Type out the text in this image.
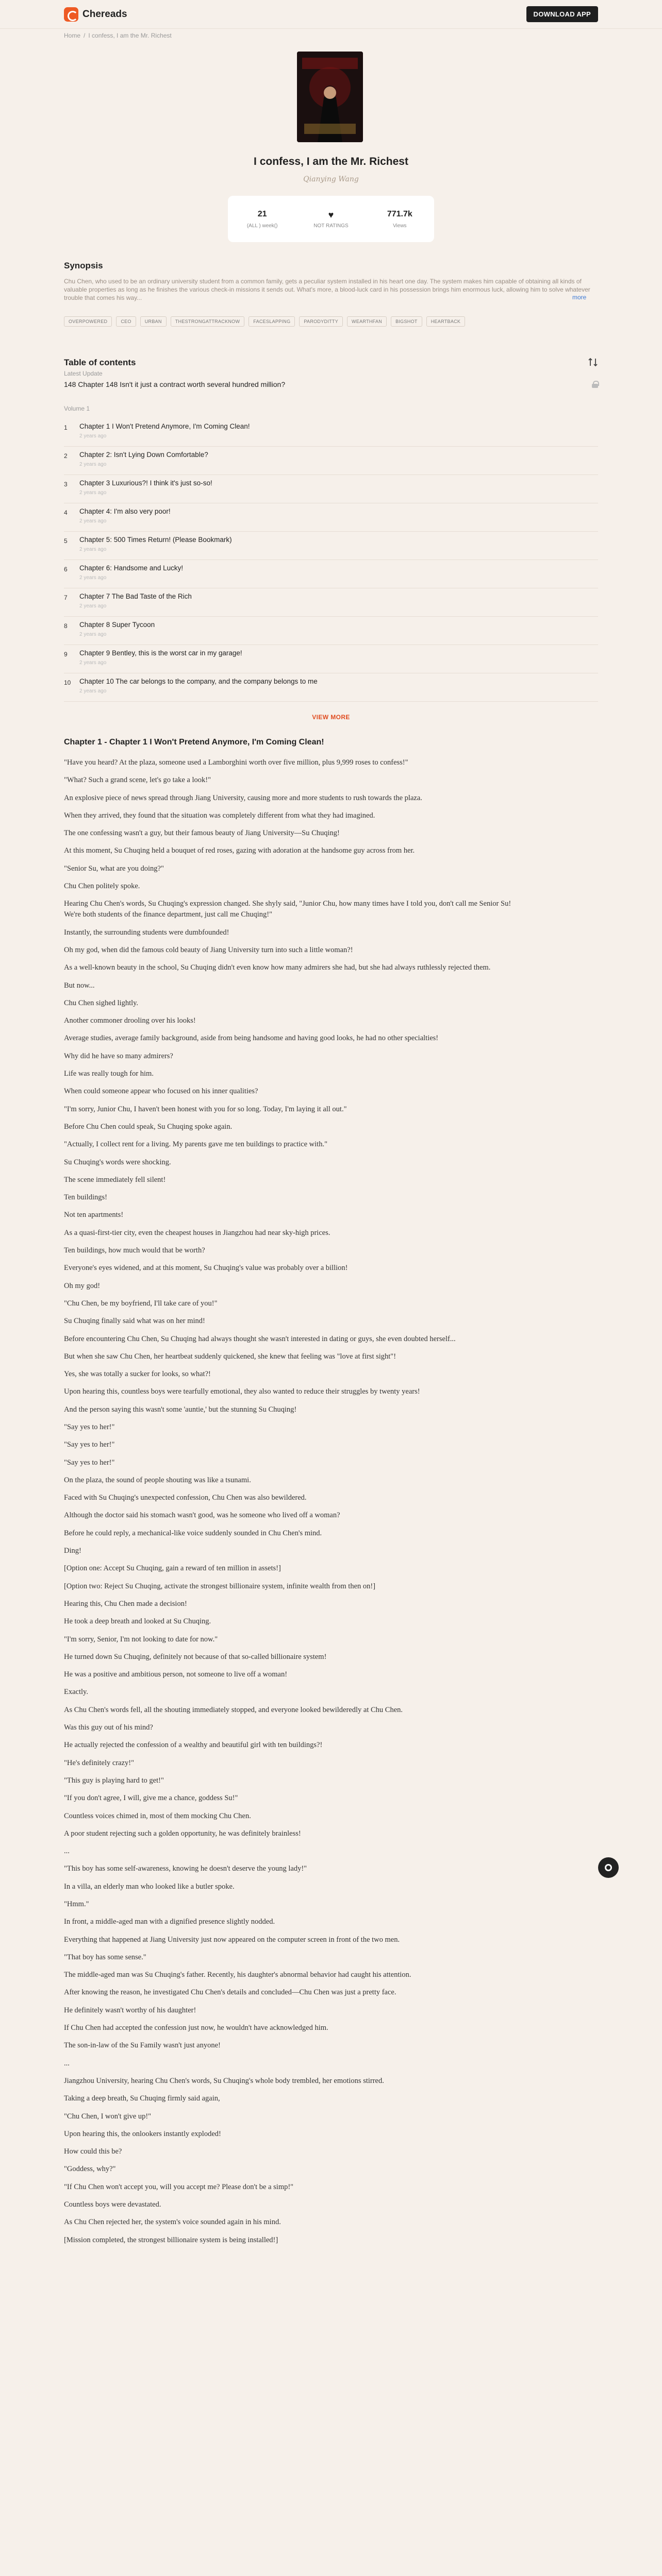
Chereads	DOWNLOAD APP
Home / I confess, I am the Mr. Richest
I confess, I am the Mr. Richest
Qianying Wang
21
(ALL ) week()
♥
NOT RATINGS
771.7k
Views
Synopsis
Chu Chen, who used to be an ordinary university student from a common family, gets a peculiar system installed in his heart one day. The system makes him capable of obtaining all kinds of valuable properties as long as he finishes the various check-in missions it sends out. What's more, a blood-luck card in his possession brings him enormous luck, allowing him to solve whatever trouble that comes his way...	more
OVERPOWERED	CEO	URBAN	THESTRONGATTRACKNOW	FACESLAPPING	PARODYDITTY	WEARTHFAN	BIGSHOT	HEARTBACK
Table of contents
Latest Update
148 Chapter 148 Isn't it just a contract worth several hundred million?
Volume 1
1	Chapter 1 I Won't Pretend Anymore, I'm Coming Clean!
2 years ago
2	Chapter 2: Isn't Lying Down Comfortable?
2 years ago
3	Chapter 3 Luxurious?! I think it's just so-so!
2 years ago
4	Chapter 4: I'm also very poor!
2 years ago
5	Chapter 5: 500 Times Return! (Please Bookmark)
2 years ago
6	Chapter 6: Handsome and Lucky!
2 years ago
7	Chapter 7 The Bad Taste of the Rich
2 years ago
8	Chapter 8 Super Tycoon
2 years ago
9	Chapter 9 Bentley, this is the worst car in my garage!
2 years ago
10	Chapter 10 The car belongs to the company, and the company belongs to me
2 years ago
VIEW MORE
Chapter 1 - Chapter 1 I Won't Pretend Anymore, I'm Coming Clean!

"Have you heard? At the plaza, someone used a Lamborghini worth over five million, plus 9,999 roses to confess!"

"What? Such a grand scene, let's go take a look!"

An explosive piece of news spread through Jiang University, causing more and more students to rush towards the plaza.

When they arrived, they found that the situation was completely different from what they had imagined.

The one confessing wasn't a guy, but their famous beauty of Jiang University—Su Chuqing!

At this moment, Su Chuqing held a bouquet of red roses, gazing with adoration at the handsome guy across from her.

"Senior Su, what are you doing?"

Chu Chen politely spoke.

Hearing Chu Chen's words, Su Chuqing's expression changed. She shyly said, "Junior Chu, how many times have I told you, don't call me Senior Su! We're both students of the finance department, just call me Chuqing!"

Instantly, the surrounding students were dumbfounded!

Oh my god, when did the famous cold beauty of Jiang University turn into such a little woman?!

As a well-known beauty in the school, Su Chuqing didn't even know how many admirers she had, but she had always ruthlessly rejected them.

But now...

Chu Chen sighed lightly.

Another commoner drooling over his looks!

Average studies, average family background, aside from being handsome and having good looks, he had no other specialties!

Why did he have so many admirers?

Life was really tough for him.

When could someone appear who focused on his inner qualities?

"I'm sorry, Junior Chu, I haven't been honest with you for so long. Today, I'm laying it all out."

Before Chu Chen could speak, Su Chuqing spoke again.

"Actually, I collect rent for a living. My parents gave me ten buildings to practice with."

Su Chuqing's words were shocking.

The scene immediately fell silent!

Ten buildings!

Not ten apartments!

As a quasi-first-tier city, even the cheapest houses in Jiangzhou had near sky-high prices.

Ten buildings, how much would that be worth?

Everyone's eyes widened, and at this moment, Su Chuqing's value was probably over a billion!

Oh my god!

"Chu Chen, be my boyfriend, I'll take care of you!"

Su Chuqing finally said what was on her mind!

Before encountering Chu Chen, Su Chuqing had always thought she wasn't interested in dating or guys, she even doubted herself...

But when she saw Chu Chen, her heartbeat suddenly quickened, she knew that feeling was "love at first sight"!

Yes, she was totally a sucker for looks, so what?!

Upon hearing this, countless boys were tearfully emotional, they also wanted to reduce their struggles by twenty years!

And the person saying this wasn't some 'auntie,' but the stunning Su Chuqing!

"Say yes to her!"

"Say yes to her!"

"Say yes to her!"

On the plaza, the sound of people shouting was like a tsunami.

Faced with Su Chuqing's unexpected confession, Chu Chen was also bewildered.

Although the doctor said his stomach wasn't good, was he someone who lived off a woman?

Before he could reply, a mechanical-like voice suddenly sounded in Chu Chen's mind.

Ding!

[Option one: Accept Su Chuqing, gain a reward of ten million in assets!]

[Option two: Reject Su Chuqing, activate the strongest billionaire system, infinite wealth from then on!]

Hearing this, Chu Chen made a decision!

He took a deep breath and looked at Su Chuqing.

"I'm sorry, Senior, I'm not looking to date for now."

He turned down Su Chuqing, definitely not because of that so-called billionaire system!

He was a positive and ambitious person, not someone to live off a woman!

Exactly.

As Chu Chen's words fell, all the shouting immediately stopped, and everyone looked bewilderedly at Chu Chen.

Was this guy out of his mind?

He actually rejected the confession of a wealthy and beautiful girl with ten buildings?!

"He's definitely crazy!"

"This guy is playing hard to get!"

"If you don't agree, I will, give me a chance, goddess Su!"

Countless voices chimed in, most of them mocking Chu Chen.

A poor student rejecting such a golden opportunity, he was definitely brainless!

...

"This boy has some self-awareness, knowing he doesn't deserve the young lady!"

In a villa, an elderly man who looked like a butler spoke.

"Hmm."

In front, a middle-aged man with a dignified presence slightly nodded.

Everything that happened at Jiang University just now appeared on the computer screen in front of the two men.

"That boy has some sense."

The middle-aged man was Su Chuqing's father. Recently, his daughter's abnormal behavior had caught his attention.

After knowing the reason, he investigated Chu Chen's details and concluded—Chu Chen was just a pretty face.

He definitely wasn't worthy of his daughter!

If Chu Chen had accepted the confession just now, he wouldn't have acknowledged him.

The son-in-law of the Su Family wasn't just anyone!

...

Jiangzhou University, hearing Chu Chen's words, Su Chuqing's whole body trembled, her emotions stirred.

Taking a deep breath, Su Chuqing firmly said again,

"Chu Chen, I won't give up!"

Upon hearing this, the onlookers instantly exploded!

How could this be?

"Goddess, why?"

"If Chu Chen won't accept you, will you accept me? Please don't be a simp!"

Countless boys were devastated.

As Chu Chen rejected her, the system's voice sounded again in his mind.

[Mission completed, the strongest billionaire system is being installed!]
